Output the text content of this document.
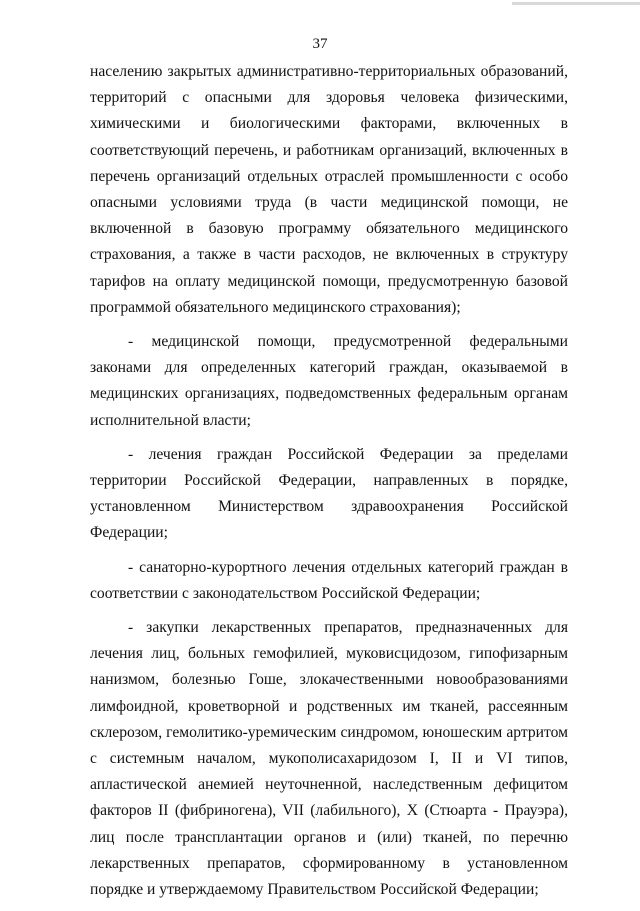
37

населению закрытых административно-территориальных образований, территорий с опасными для здоровья человека физическими, химическими и биологическими факторами, включенных в соответствующий перечень, и работникам организаций, включенных в перечень организаций отдельных отраслей промышленности с особо опасными условиями труда (в части медицинской помощи, не включенной в базовую программу обязательного медицинского страхования, а также в части расходов, не включенных в структуру тарифов на оплату медицинской помощи, предусмотренную базовой программой обязательного медицинского страхования);

- медицинской помощи, предусмотренной федеральными законами для определенных категорий граждан, оказываемой в медицинских организациях, подведомственных федеральным органам исполнительной власти;

- лечения граждан Российской Федерации за пределами территории Российской Федерации, направленных в порядке, установленном Министерством здравоохранения Российской Федерации;

- санаторно-курортного лечения отдельных категорий граждан в соответствии с законодательством Российской Федерации;

- закупки лекарственных препаратов, предназначенных для лечения лиц, больных гемофилией, муковисцидозом, гипофизарным нанизмом, болезнью Гоше, злокачественными новообразованиями лимфоидной, кроветворной и родственных им тканей, рассеянным склерозом, гемолитико-уремическим синдромом, юношеским артритом с системным началом, мукополисахаридозом I, II и VI типов, апластической анемией неуточненной, наследственным дефицитом факторов II (фибриногена), VII (лабильного), X (Стюарта - Прауэра), лиц после трансплантации органов и (или) тканей, по перечню лекарственных препаратов, сформированному в установленном порядке и утверждаемому Правительством Российской Федерации;
